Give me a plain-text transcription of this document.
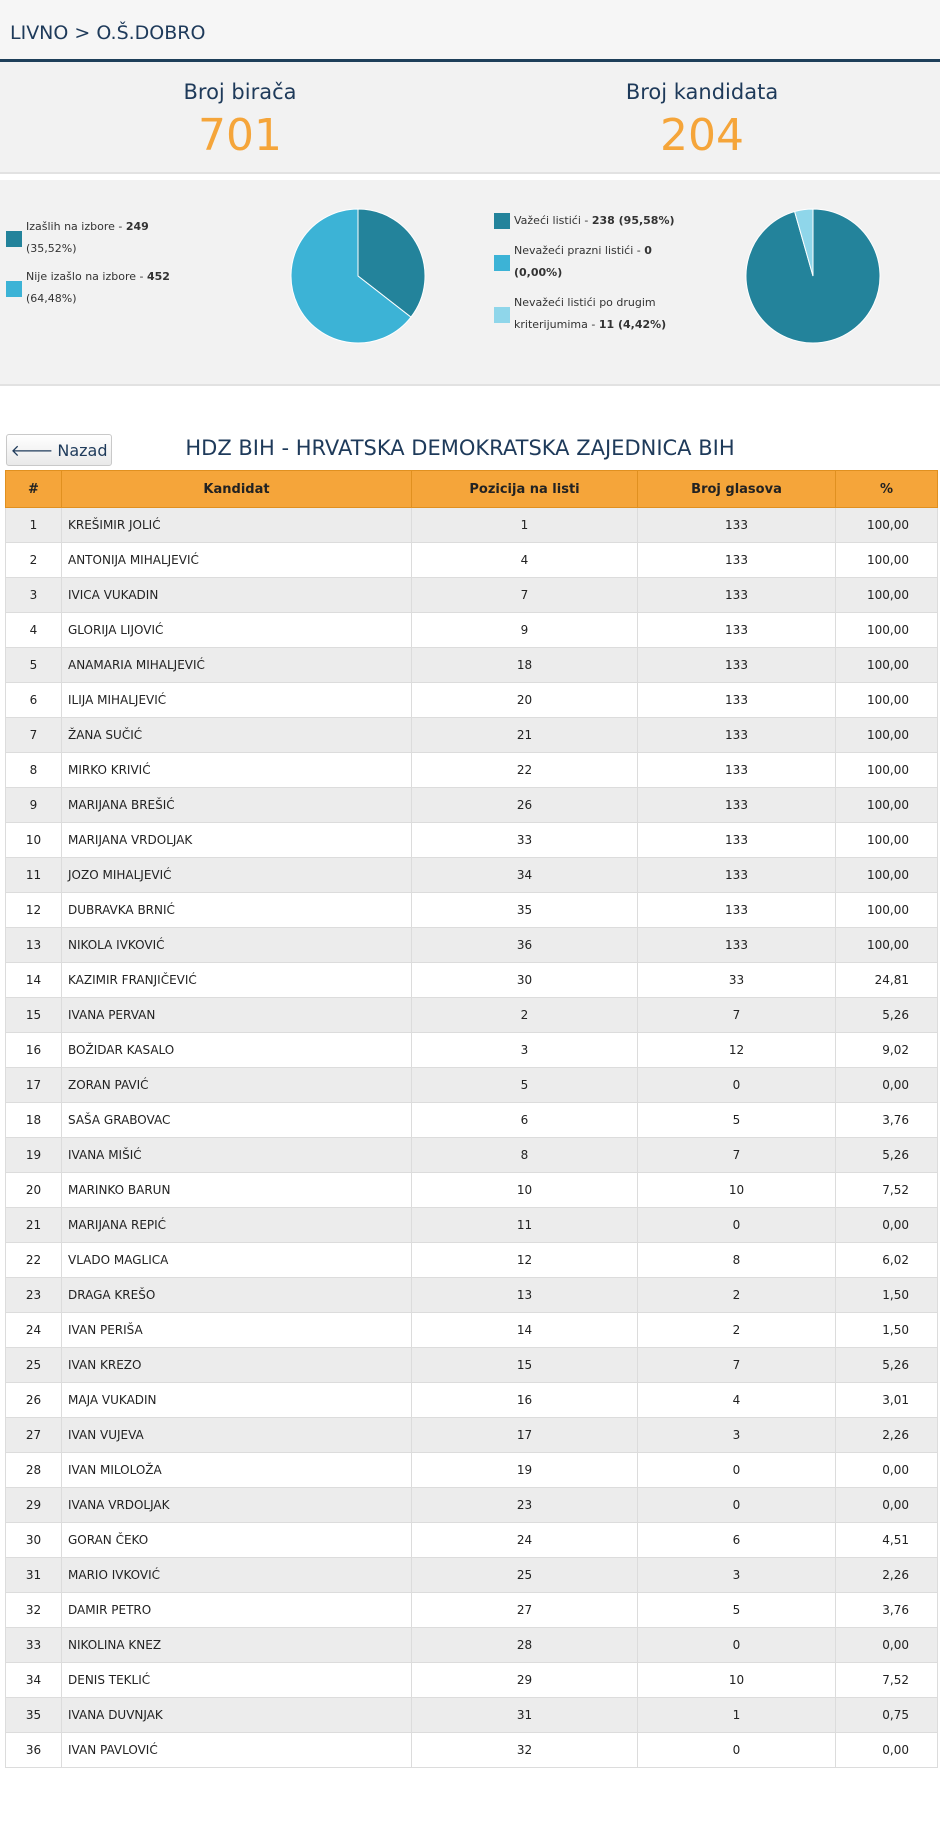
LIVNO > O.Š.DOBRO
Broj birača
701
Broj kandidata
204
Izašlih na izbore - 249
(35,52%)
Nije izašlo na izbore - 452
(64,48%)
Važeći listići - 238 (95,58%)
Nevažeći prazni listići - 0
(0,00%)
Nevažeći listići po drugim
kriterijumima - 11 (4,42%)
🡐 Nazad	HDZ BIH - HRVATSKA DEMOKRATSKA ZAJEDNICA BIH
#	Kandidat	Pozicija na listi	Broj glasova	%
1	KREŠIMIR JOLIĆ	1	133	100,00
2	ANTONIJA MIHALJEVIĆ	4	133	100,00
3	IVICA VUKADIN	7	133	100,00
4	GLORIJA LIJOVIĆ	9	133	100,00
5	ANAMARIA MIHALJEVIĆ	18	133	100,00
6	ILIJA MIHALJEVIĆ	20	133	100,00
7	ŽANA SUČIĆ	21	133	100,00
8	MIRKO KRIVIĆ	22	133	100,00
9	MARIJANA BREŠIĆ	26	133	100,00
10	MARIJANA VRDOLJAK	33	133	100,00
11	JOZO MIHALJEVIĆ	34	133	100,00
12	DUBRAVKA BRNIĆ	35	133	100,00
13	NIKOLA IVKOVIĆ	36	133	100,00
14	KAZIMIR FRANJIČEVIĆ	30	33	24,81
15	IVANA PERVAN	2	7	5,26
16	BOŽIDAR KASALO	3	12	9,02
17	ZORAN PAVIĆ	5	0	0,00
18	SAŠA GRABOVAC	6	5	3,76
19	IVANA MIŠIĆ	8	7	5,26
20	MARINKO BARUN	10	10	7,52
21	MARIJANA REPIĆ	11	0	0,00
22	VLADO MAGLICA	12	8	6,02
23	DRAGA KREŠO	13	2	1,50
24	IVAN PERIŠA	14	2	1,50
25	IVAN KREZO	15	7	5,26
26	MAJA VUKADIN	16	4	3,01
27	IVAN VUJEVA	17	3	2,26
28	IVAN MILOLOŽA	19	0	0,00
29	IVANA VRDOLJAK	23	0	0,00
30	GORAN ČEKO	24	6	4,51
31	MARIO IVKOVIĆ	25	3	2,26
32	DAMIR PETRO	27	5	3,76
33	NIKOLINA KNEZ	28	0	0,00
34	DENIS TEKLIĆ	29	10	7,52
35	IVANA DUVNJAK	31	1	0,75
36	IVAN PAVLOVIĆ	32	0	0,00
